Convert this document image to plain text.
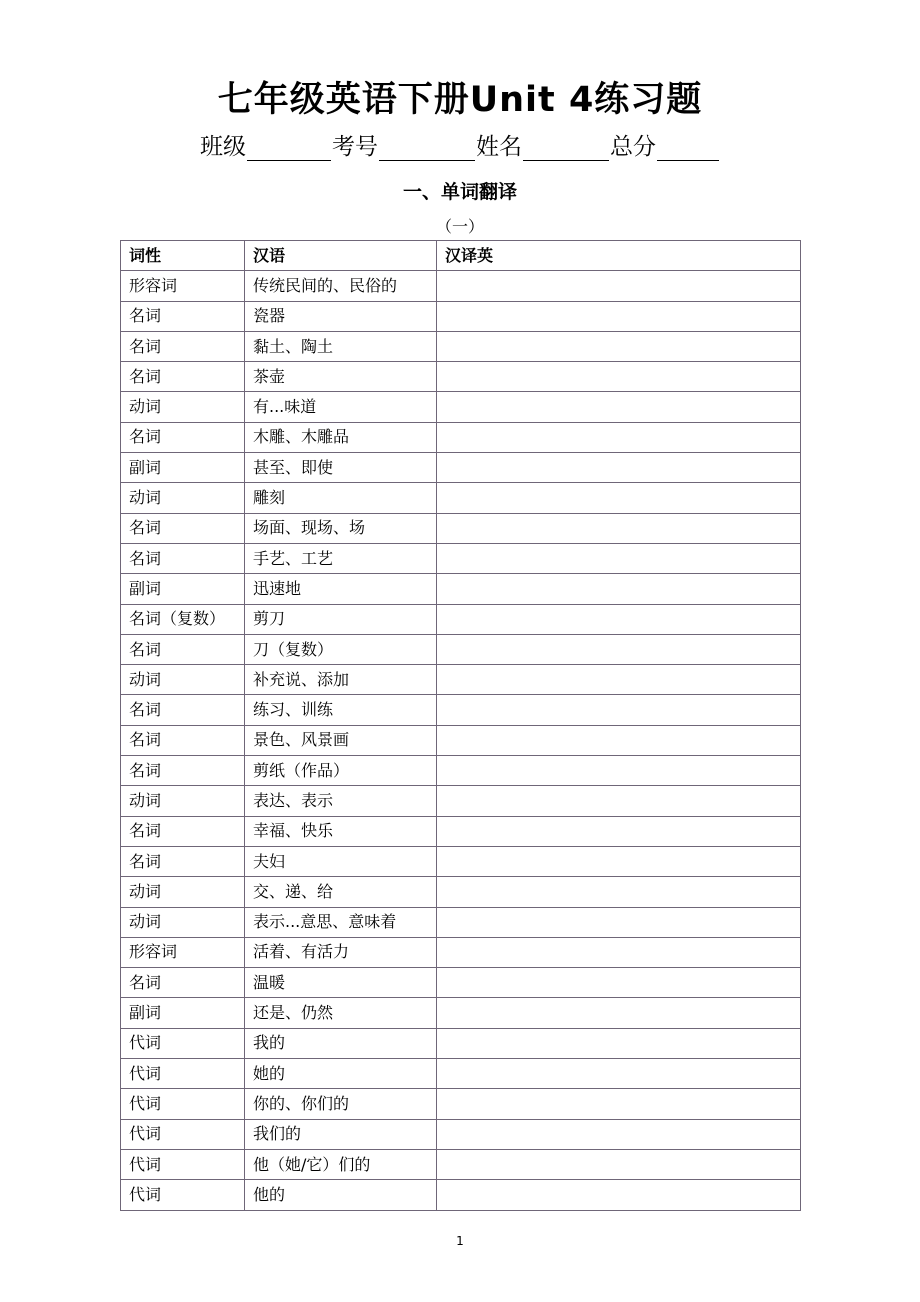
七年级英语下册Unit 4练习题
班级	考号	姓名	总分
一、单词翻译
（一）
词性	汉语	汉译英
形容词	传统民间的、民俗的	
名词	瓷器	
名词	黏土、陶土	
名词	茶壶	
动词	有...味道	
名词	木雕、木雕品	
副词	甚至、即使	
动词	雕刻	
名词	场面、现场、场	
名词	手艺、工艺	
副词	迅速地	
名词（复数）	剪刀	
名词	刀（复数）	
动词	补充说、添加	
名词	练习、训练	
名词	景色、风景画	
名词	剪纸（作品）	
动词	表达、表示	
名词	幸福、快乐	
名词	夫妇	
动词	交、递、给	
动词	表示...意思、意味着	
形容词	活着、有活力	
名词	温暖	
副词	还是、仍然	
代词	我的	
代词	她的	
代词	你的、你们的	
代词	我们的	
代词	他（她/它）们的	
代词	他的	
1
